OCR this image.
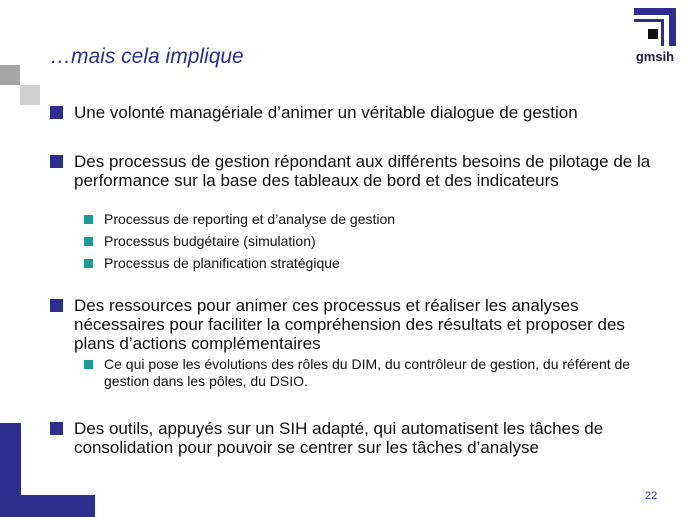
gmsih
…mais cela implique
Une volonté managériale d’animer un véritable dialogue de gestion
Des processus de gestion répondant aux différents besoins de pilotage de la performance sur la base des tableaux de bord et des indicateurs
Processus de reporting et d’analyse de gestion
Processus budgétaire (simulation)
Processus de planification stratégique
Des ressources pour animer ces processus et réaliser les analyses nécessaires pour faciliter la compréhension des résultats et proposer des plans d’actions complémentaires
Ce qui pose les évolutions des rôles du DIM, du contrôleur de gestion, du référent de gestion dans les pôles, du DSIO.
Des outils, appuyés sur un SIH adapté, qui automatisent les tâches de consolidation pour pouvoir se centrer sur les tâches d’analyse
22
